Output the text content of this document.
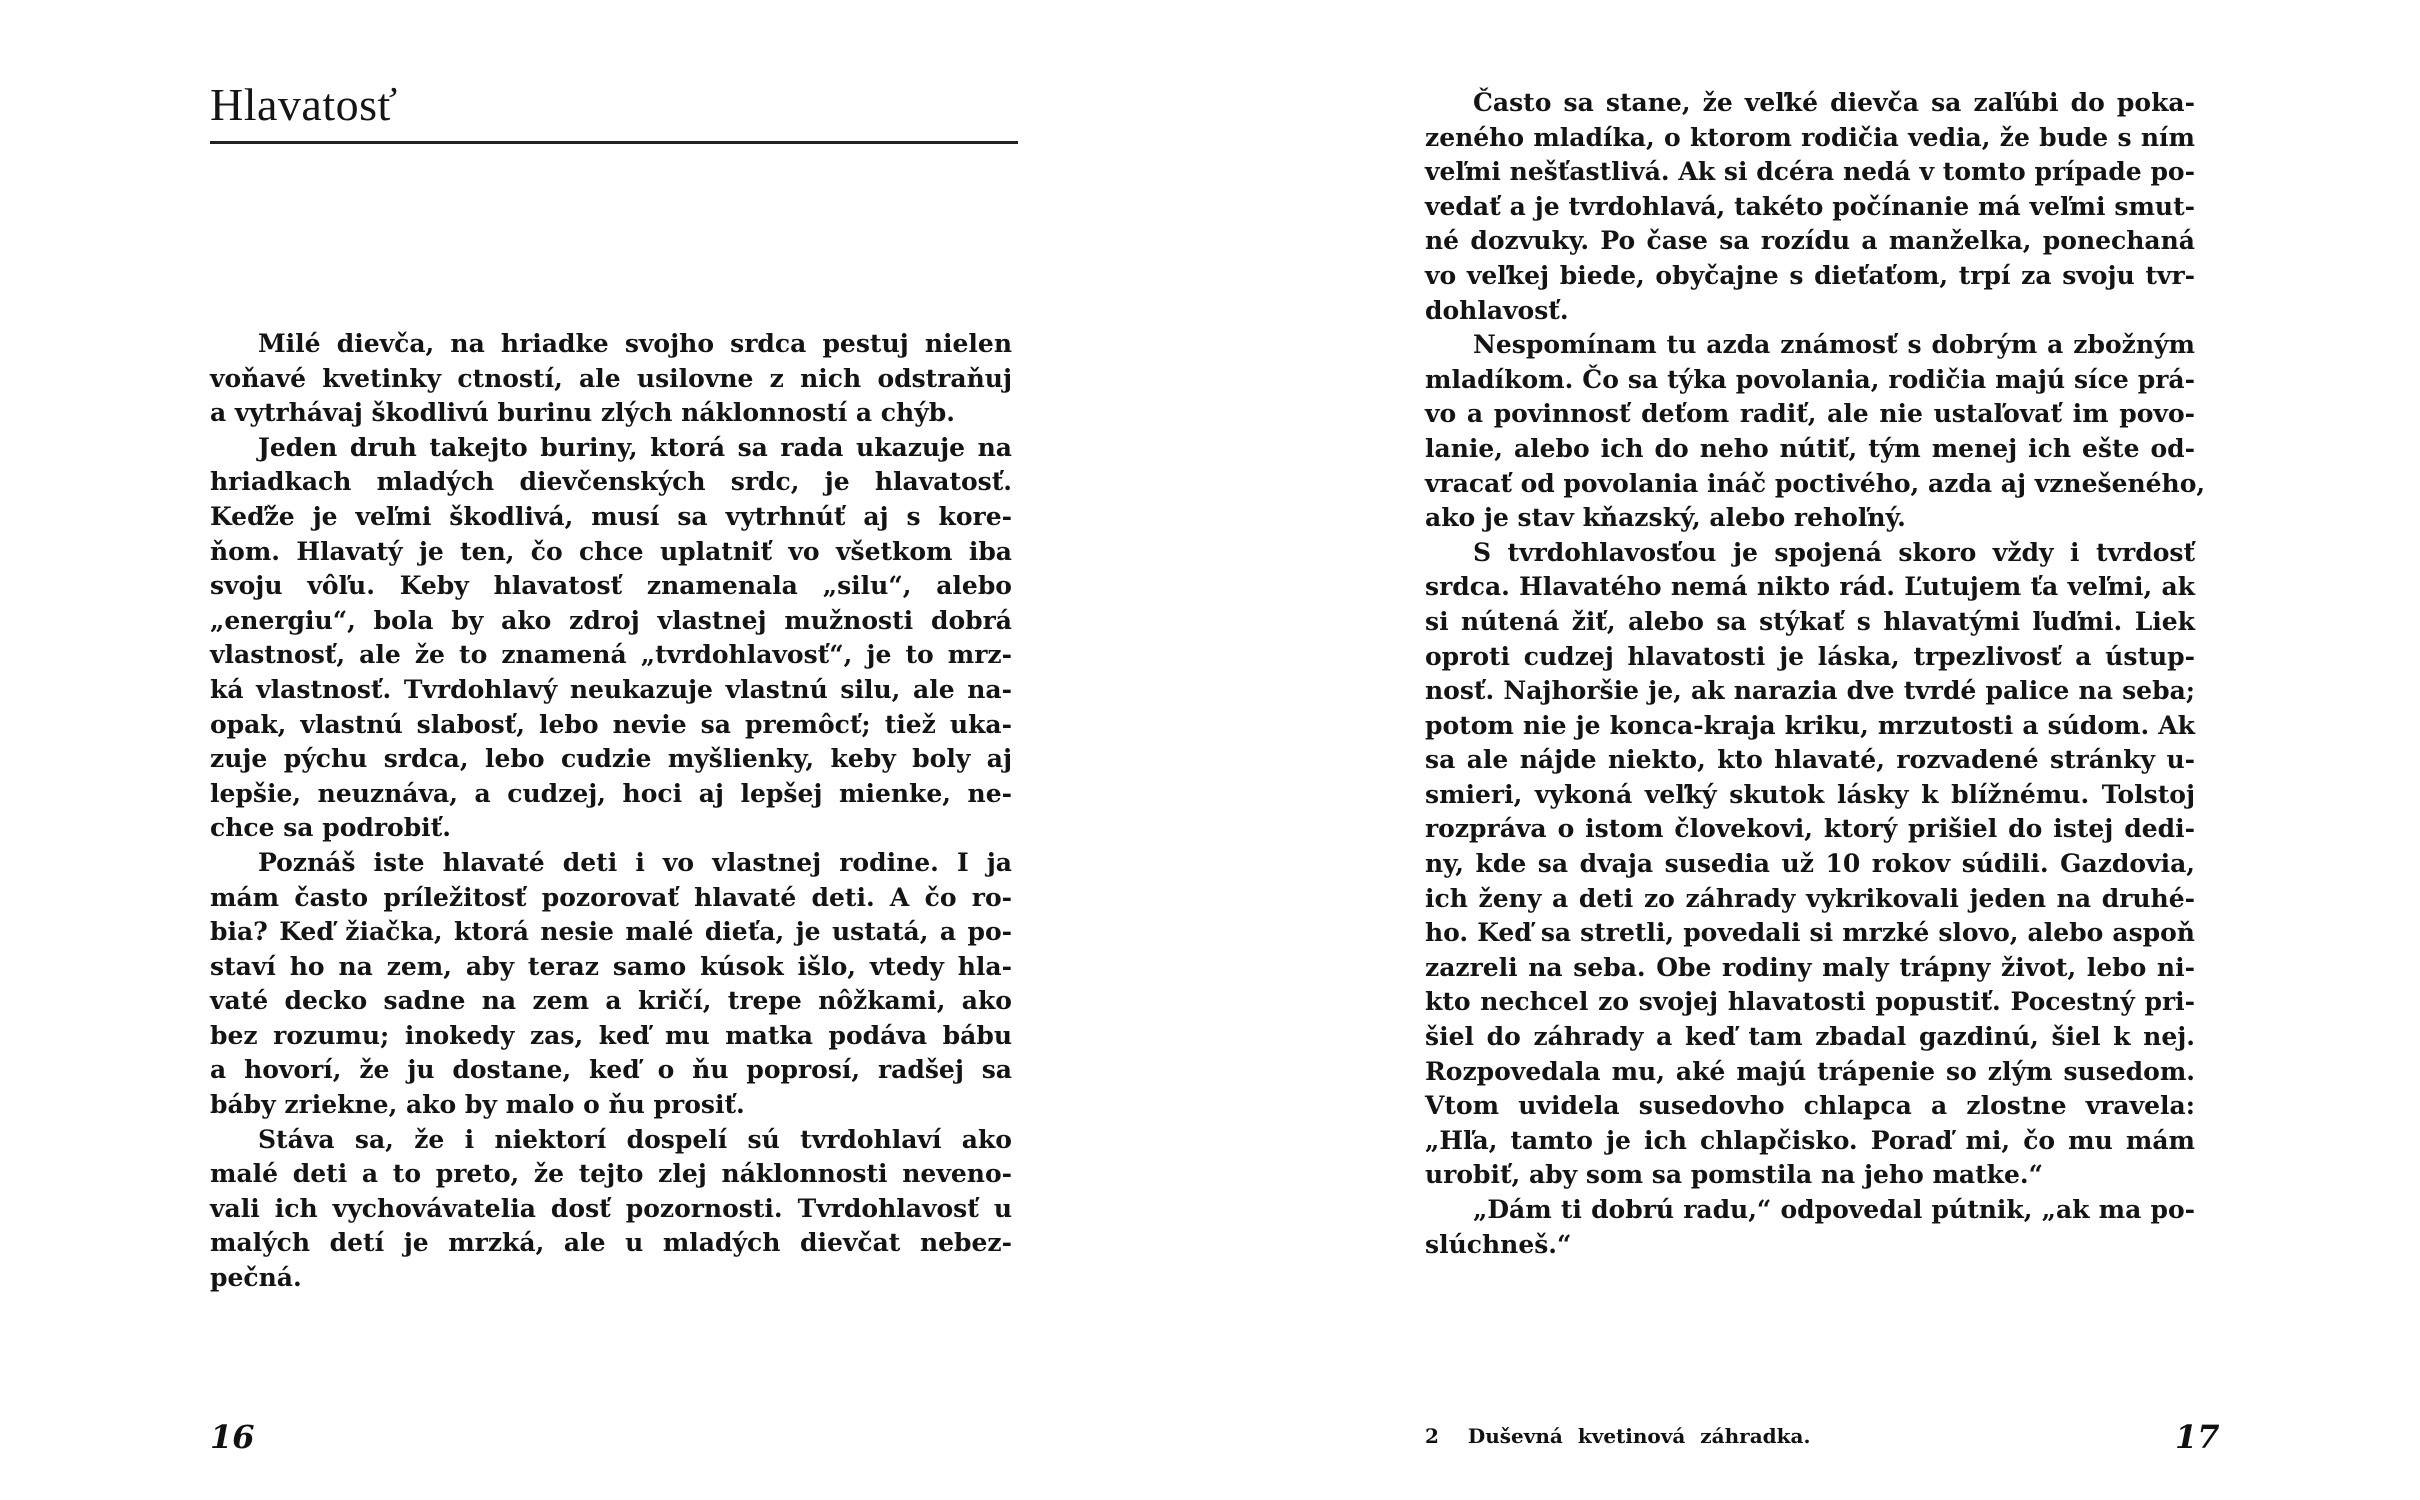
Hlavatosť
Milé dievča, na hriadke svojho srdca pestuj nielen
voňavé kvetinky ctností, ale usilovne z nich odstraňuj
a vytrhávaj škodlivú burinu zlých náklonností a chýb.
Jeden druh takejto buriny, ktorá sa rada ukazuje na
hriadkach mladých dievčenských srdc, je hlavatosť.
Keďže je veľmi škodlivá, musí sa vytrhnúť aj s kore-
ňom. Hlavatý je ten, čo chce uplatniť vo všetkom iba
svoju vôľu. Keby hlavatosť znamenala „silu“, alebo
„energiu“, bola by ako zdroj vlastnej mužnosti dobrá
vlastnosť, ale že to znamená „tvrdohlavosť“, je to mrz-
ká vlastnosť. Tvrdohlavý neukazuje vlastnú silu, ale na-
opak, vlastnú slabosť, lebo nevie sa premôcť; tiež uka-
zuje pýchu srdca, lebo cudzie myšlienky, keby boly aj
lepšie, neuznáva, a cudzej, hoci aj lepšej mienke, ne-
chce sa podrobiť.
Poznáš iste hlavaté deti i vo vlastnej rodine. I ja
mám často príležitosť pozorovať hlavaté deti. A čo ro-
bia? Keď žiačka, ktorá nesie malé dieťa, je ustatá, a po-
staví ho na zem, aby teraz samo kúsok išlo, vtedy hla-
vaté decko sadne na zem a kričí, trepe nôžkami, ako
bez rozumu; inokedy zas, keď mu matka podáva bábu
a hovorí, že ju dostane, keď o ňu poprosí, radšej sa
báby zriekne, ako by malo o ňu prosiť.
Stáva sa, že i niektorí dospelí sú tvrdohlaví ako
malé deti a to preto, že tejto zlej náklonnosti neveno-
vali ich vychovávatelia dosť pozornosti. Tvrdohlavosť u
malých detí je mrzká, ale u mladých dievčat nebez-
pečná.
16
Často sa stane, že veľké dievča sa zaľúbi do poka-
zeného mladíka, o ktorom rodičia vedia, že bude s ním
veľmi nešťastlivá. Ak si dcéra nedá v tomto prípade po-
vedať a je tvrdohlavá, takéto počínanie má veľmi smut-
né dozvuky. Po čase sa rozídu a manželka, ponechaná
vo veľkej biede, obyčajne s dieťaťom, trpí za svoju tvr-
dohlavosť.
Nespomínam tu azda známosť s dobrým a zbožným
mladíkom. Čo sa týka povolania, rodičia majú síce prá-
vo a povinnosť deťom radiť, ale nie ustaľovať im povo-
lanie, alebo ich do neho nútiť, tým menej ich ešte od-
vracať od povolania ináč poctivého, azda aj vznešeného,
ako je stav kňazský, alebo rehoľný.
S tvrdohlavosťou je spojená skoro vždy i tvrdosť
srdca. Hlavatého nemá nikto rád. Ľutujem ťa veľmi, ak
si nútená žiť, alebo sa stýkať s hlavatými ľuďmi. Liek
oproti cudzej hlavatosti je láska, trpezlivosť a ústup-
nosť. Najhoršie je, ak narazia dve tvrdé palice na seba;
potom nie je konca-kraja kriku, mrzutosti a súdom. Ak
sa ale nájde niekto, kto hlavaté, rozvadené stránky u-
smieri, vykoná veľký skutok lásky k blížnému. Tolstoj
rozpráva o istom človekovi, ktorý prišiel do istej dedi-
ny, kde sa dvaja susedia už 10 rokov súdili. Gazdovia,
ich ženy a deti zo záhrady vykrikovali jeden na druhé-
ho. Keď sa stretli, povedali si mrzké slovo, alebo aspoň
zazreli na seba. Obe rodiny maly trápny život, lebo ni-
kto nechcel zo svojej hlavatosti popustiť. Pocestný pri-
šiel do záhrady a keď tam zbadal gazdinú, šiel k nej.
Rozpovedala mu, aké majú trápenie so zlým susedom.
Vtom uvidela susedovho chlapca a zlostne vravela:
„Hľa, tamto je ich chlapčisko. Poraď mi, čo mu mám
urobiť, aby som sa pomstila na jeho matke.“
„Dám ti dobrú radu,“ odpovedal pútnik, „ak ma po-
slúchneš.“
2 Duševná kvetinová záhradka.	17
